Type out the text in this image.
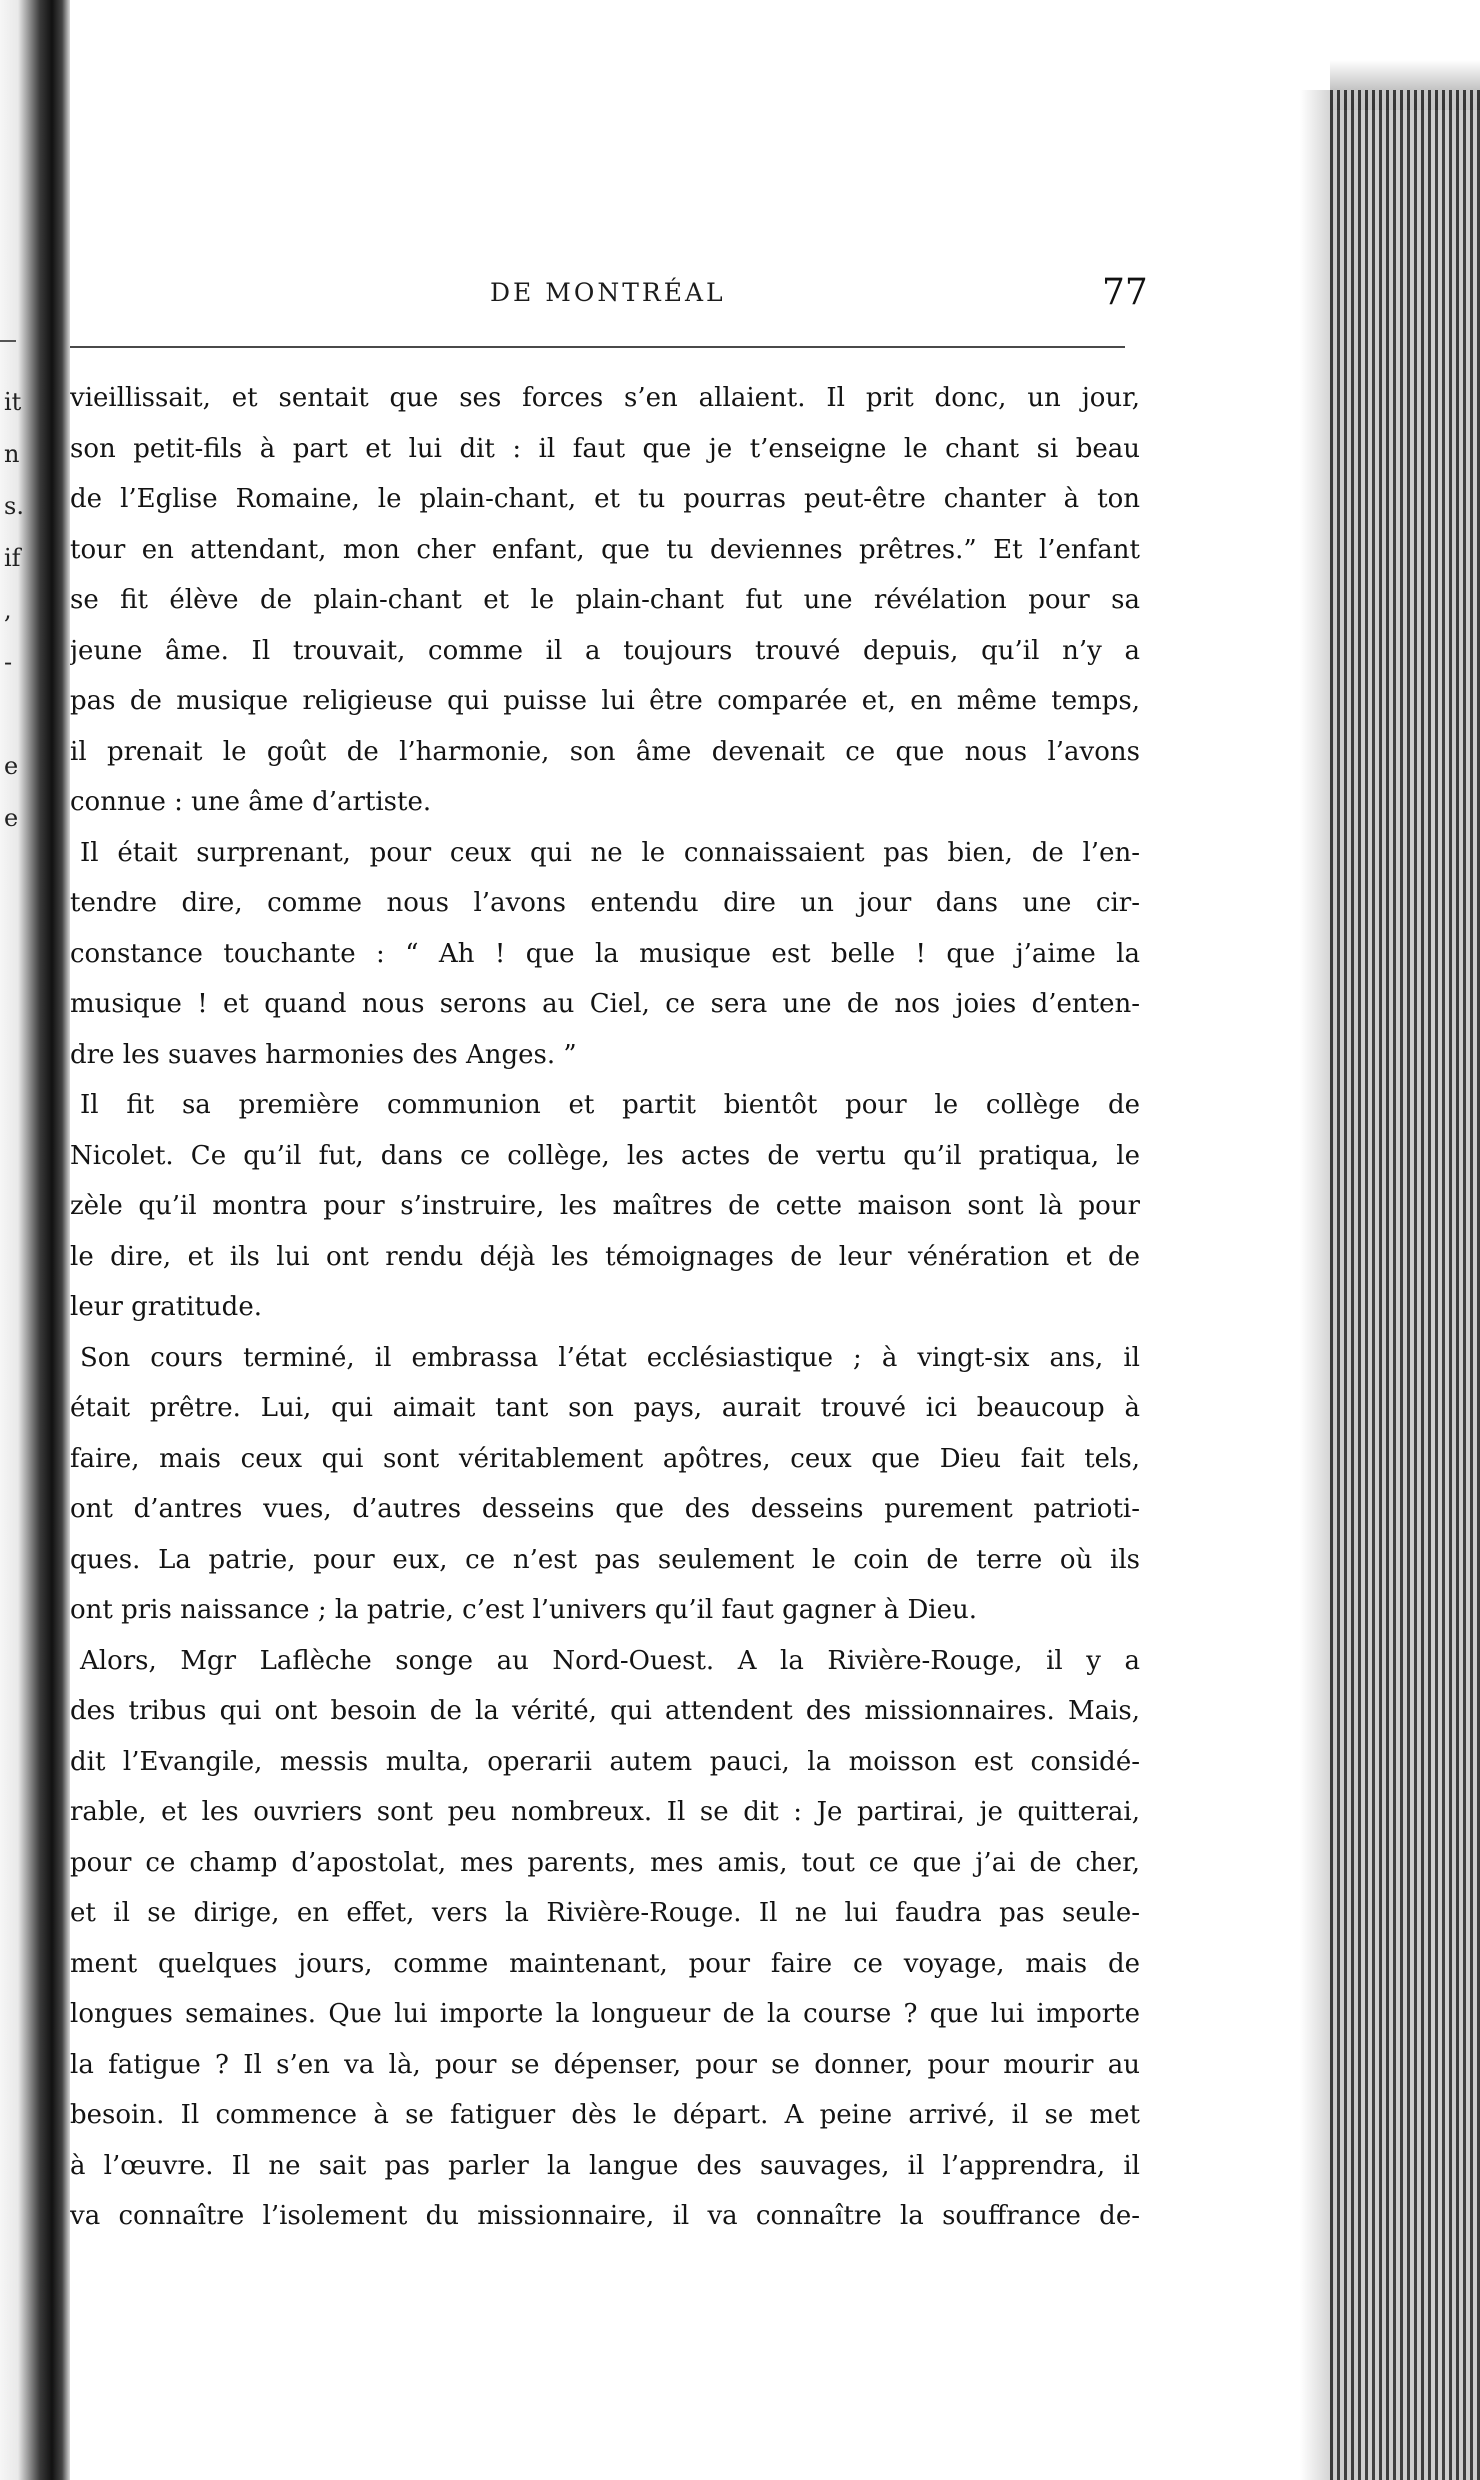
it
n
s.
if
,
-
e
e
DE MONTRÉAL	77
vieillissait, et sentait que ses forces s’en allaient. Il prit donc, un jour,
son petit-fils à part et lui dit : il faut que je t’enseigne le chant si beau
de l’Eglise Romaine, le plain-chant, et tu pourras peut-être chanter à ton
tour en attendant, mon cher enfant, que tu deviennes prêtres.” Et l’enfant
se fit élève de plain-chant et le plain-chant fut une révélation pour sa
jeune âme. Il trouvait, comme il a toujours trouvé depuis, qu’il n’y a
pas de musique religieuse qui puisse lui être comparée et, en même temps,
il prenait le goût de l’harmonie, son âme devenait ce que nous l’avons
connue : une âme d’artiste.
Il était surprenant, pour ceux qui ne le connaissaient pas bien, de l’en-
tendre dire, comme nous l’avons entendu dire un jour dans une cir-
constance touchante : “ Ah ! que la musique est belle ! que j’aime la
musique ! et quand nous serons au Ciel, ce sera une de nos joies d’enten-
dre les suaves harmonies des Anges. ”
Il fit sa première communion et partit bientôt pour le collège de
Nicolet. Ce qu’il fut, dans ce collège, les actes de vertu qu’il pratiqua, le
zèle qu’il montra pour s’instruire, les maîtres de cette maison sont là pour
le dire, et ils lui ont rendu déjà les témoignages de leur vénération et de
leur gratitude.
Son cours terminé, il embrassa l’état ecclésiastique ; à vingt-six ans, il
était prêtre. Lui, qui aimait tant son pays, aurait trouvé ici beaucoup à
faire, mais ceux qui sont véritablement apôtres, ceux que Dieu fait tels,
ont d’antres vues, d’autres desseins que des desseins purement patrioti-
ques. La patrie, pour eux, ce n’est pas seulement le coin de terre où ils
ont pris naissance ; la patrie, c’est l’univers qu’il faut gagner à Dieu.
Alors, Mgr Laflèche songe au Nord-Ouest. A la Rivière-Rouge, il y a
des tribus qui ont besoin de la vérité, qui attendent des missionnaires. Mais,
dit l’Evangile, messis multa, operarii autem pauci, la moisson est considé-
rable, et les ouvriers sont peu nombreux. Il se dit : Je partirai, je quitterai,
pour ce champ d’apostolat, mes parents, mes amis, tout ce que j’ai de cher,
et il se dirige, en effet, vers la Rivière-Rouge. Il ne lui faudra pas seule-
ment quelques jours, comme maintenant, pour faire ce voyage, mais de
longues semaines. Que lui importe la longueur de la course ? que lui importe
la fatigue ? Il s’en va là, pour se dépenser, pour se donner, pour mourir au
besoin. Il commence à se fatiguer dès le départ. A peine arrivé, il se met
à l’œuvre. Il ne sait pas parler la langue des sauvages, il l’apprendra, il
va connaître l’isolement du missionnaire, il va connaître la souffrance de-
